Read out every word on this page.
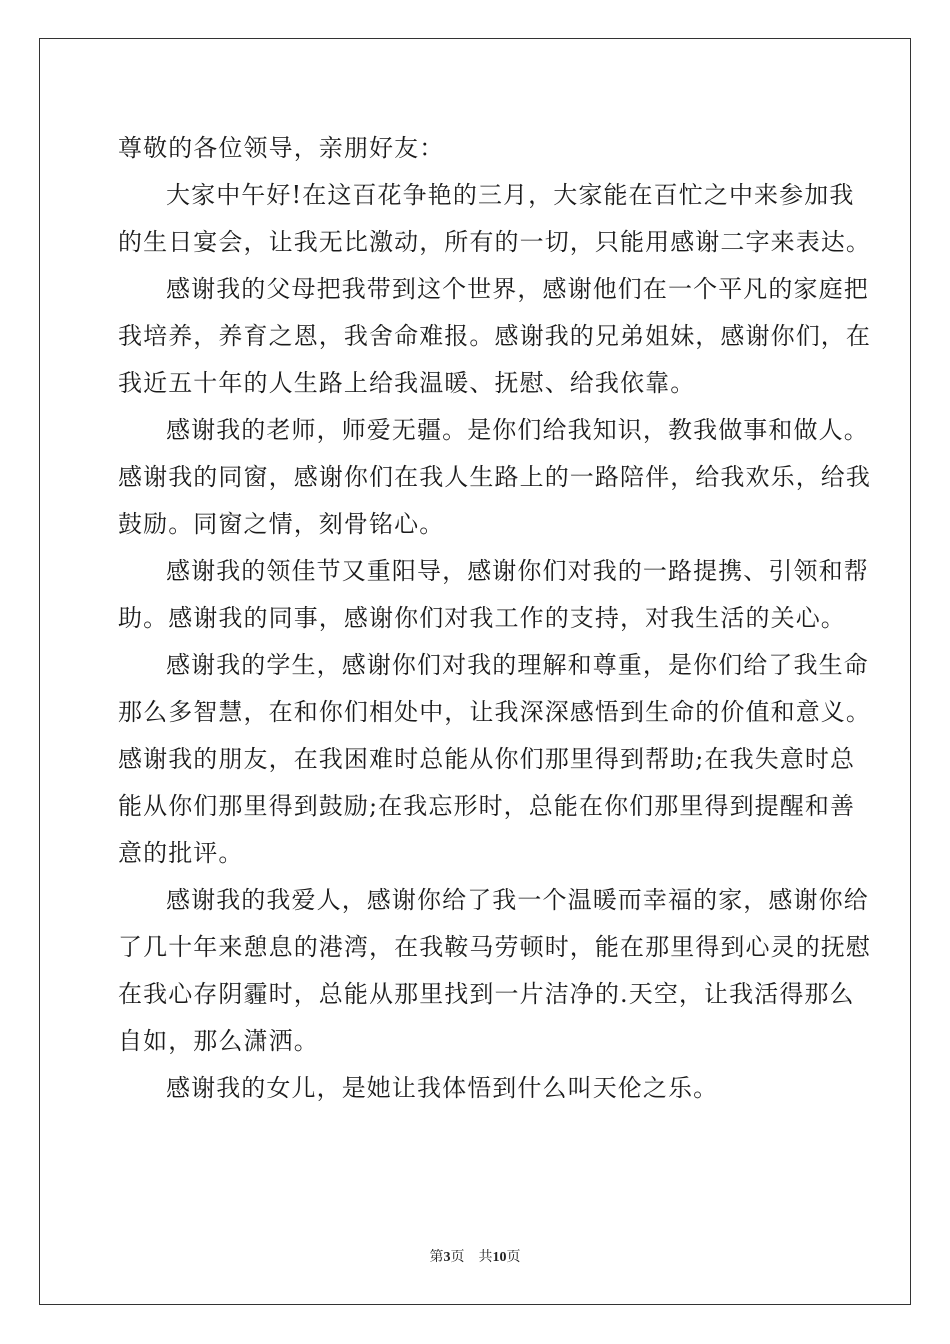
尊敬的各位领导，亲朋好友：
大家中午好!在这百花争艳的三月，大家能在百忙之中来参加我
的生日宴会，让我无比激动，所有的一切，只能用感谢二字来表达。
感谢我的父母把我带到这个世界，感谢他们在一个平凡的家庭把
我培养，养育之恩，我舍命难报。感谢我的兄弟姐妹，感谢你们，在
我近五十年的人生路上给我温暖、抚慰、给我依靠。
感谢我的老师，师爱无疆。是你们给我知识，教我做事和做人。
感谢我的同窗，感谢你们在我人生路上的一路陪伴，给我欢乐，给我
鼓励。同窗之情，刻骨铭心。
感谢我的领佳节又重阳导，感谢你们对我的一路提携、引领和帮
助。感谢我的同事，感谢你们对我工作的支持，对我生活的关心。
感谢我的学生，感谢你们对我的理解和尊重，是你们给了我生命
那么多智慧，在和你们相处中，让我深深感悟到生命的价值和意义。
感谢我的朋友，在我困难时总能从你们那里得到帮助;在我失意时总
能从你们那里得到鼓励;在我忘形时，总能在你们那里得到提醒和善
意的批评。
感谢我的我爱人，感谢你给了我一个温暖而幸福的家，感谢你给
了几十年来憩息的港湾，在我鞍马劳顿时，能在那里得到心灵的抚慰
在我心存阴霾时，总能从那里找到一片洁净的.天空，让我活得那么
自如，那么潇洒。
感谢我的女儿，是她让我体悟到什么叫天伦之乐。
第3页 共10页
